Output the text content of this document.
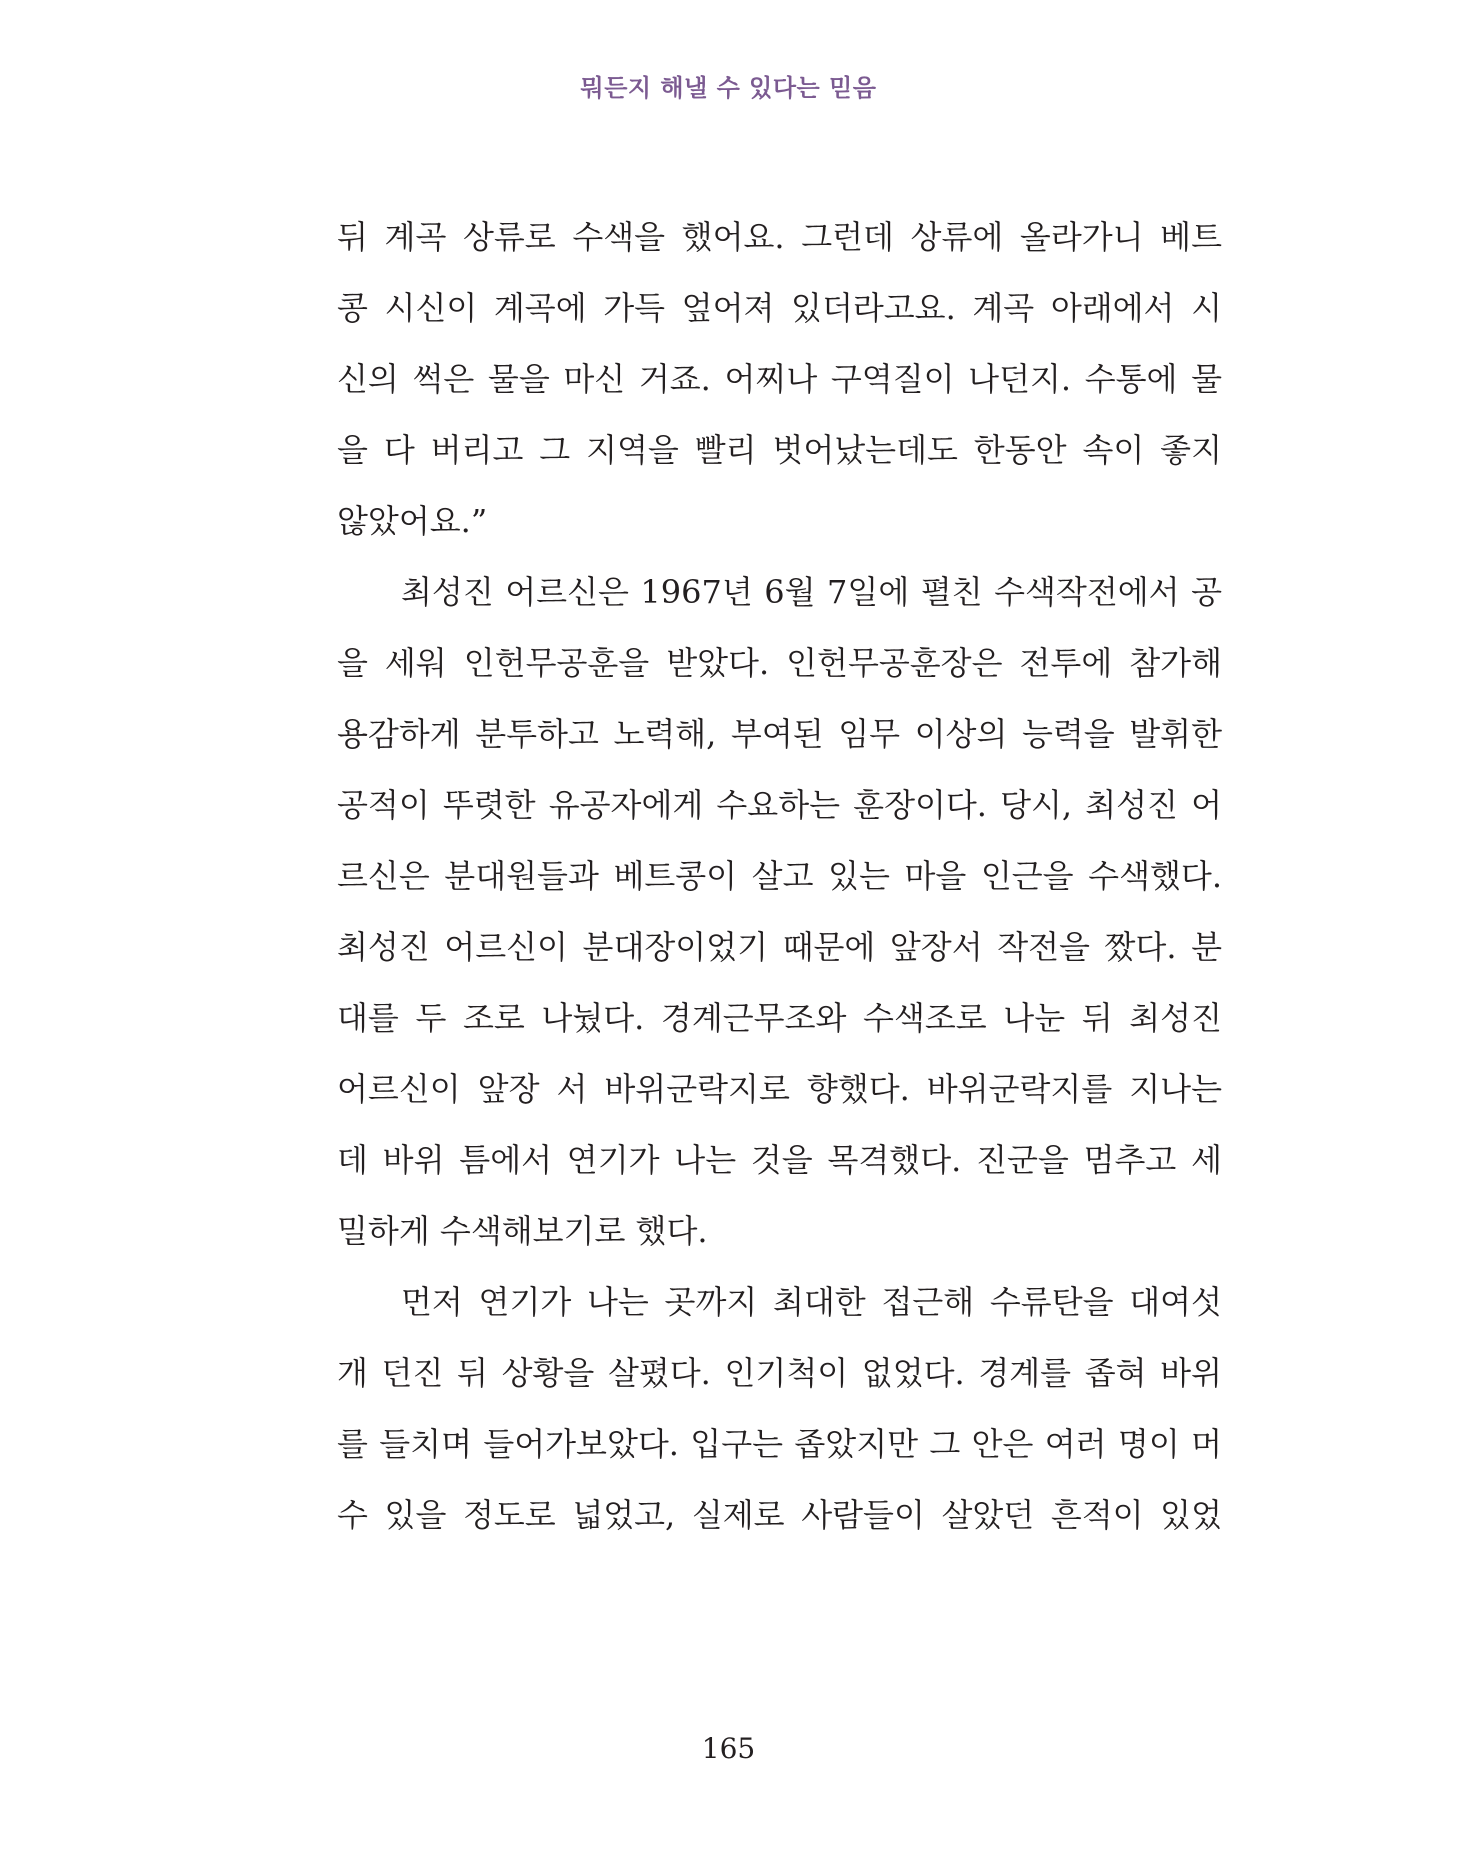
뭐든지 해낼 수 있다는 믿음
뒤 계곡 상류로 수색을 했어요. 그런데 상류에 올라가니 베트
콩 시신이 계곡에 가득 엎어져 있더라고요. 계곡 아래에서 시
신의 썩은 물을 마신 거죠. 어찌나 구역질이 나던지. 수통에 물
을 다 버리고 그 지역을 빨리 벗어났는데도 한동안 속이 좋지
않았어요.”
최성진 어르신은 1967년 6월 7일에 펼친 수색작전에서 공
을 세워 인헌무공훈을 받았다. 인헌무공훈장은 전투에 참가해
용감하게 분투하고 노력해, 부여된 임무 이상의 능력을 발휘한
공적이 뚜렷한 유공자에게 수요하는 훈장이다. 당시, 최성진 어
르신은 분대원들과 베트콩이 살고 있는 마을 인근을 수색했다.
최성진 어르신이 분대장이었기 때문에 앞장서 작전을 짰다. 분
대를 두 조로 나눴다. 경계근무조와 수색조로 나눈 뒤 최성진
어르신이 앞장 서 바위군락지로 향했다. 바위군락지를 지나는
데 바위 틈에서 연기가 나는 것을 목격했다. 진군을 멈추고 세
밀하게 수색해보기로 했다.
먼저 연기가 나는 곳까지 최대한 접근해 수류탄을 대여섯
개 던진 뒤 상황을 살폈다. 인기척이 없었다. 경계를 좁혀 바위
를 들치며 들어가보았다. 입구는 좁았지만 그 안은 여러 명이 머
수 있을 정도로 넓었고, 실제로 사람들이 살았던 흔적이 있었
165
